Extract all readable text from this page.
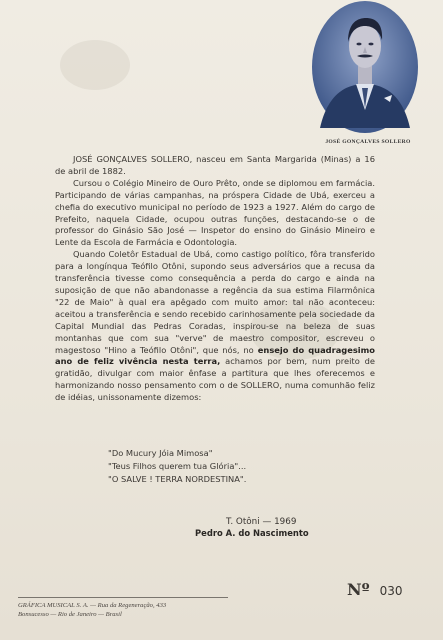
JOSÉ GONÇALVES SOLLERO

JOSÉ GONÇALVES SOLLERO, nasceu em Santa Margarida (Minas) a 16 de abril de 1882.

Cursou o Colégio Mineiro de Ouro Prêto, onde se diplomou em farmácia. Participando de várias campanhas, na próspera Cidade de Ubá, exerceu a chefia do executivo municipal no período de 1923 a 1927. Além do cargo de Prefeito, naquela Cidade, ocupou outras funções, destacando-se o de professor do Ginásio São José — Inspetor do ensino do Ginásio Mineiro e Lente da Escola de Farmácia e Odontologia.

Quando Coletôr Estadual de Ubá, como castigo político, fôra transferido para a longínqua Teófilo Otôni, supondo seus adversários que a recusa da transferência tivesse como consequência a perda do cargo e ainda na suposição de que não abandonasse a regência da sua estima Filarmônica "22 de Maio" à qual era apêgado com muito amor: tal não aconteceu: aceitou a transferência e sendo recebido carinhosamente pela sociedade da Capital Mundial das Pedras Coradas, inspirou-se na beleza de suas montanhas que com sua "verve" de maestro compositor, escreveu o magestoso "Hino a Teófilo Otôni", que nós, no ensejo do quadragesimo ano de feliz vivência nesta terra, achamos por bem, num preito de gratidão, divulgar com maior ênfase a partitura que lhes oferecemos e harmonizando nosso pensamento com o de SOLLERO, numa comunhão feliz de idéias, unissonamente dizemos:

"Do Mucury Jóia Mimosa"
"Teus Filhos querem tua Glória"...
"O SALVE ! TERRA NORDESTINA".
T. Otôni — 1969
Pedro A. do Nascimento
Nº 030
GRÁFICA MUSICAL S. A. — Rua da Regeneração, 433
Bonsucesso — Rio de Janeiro — Brasil
